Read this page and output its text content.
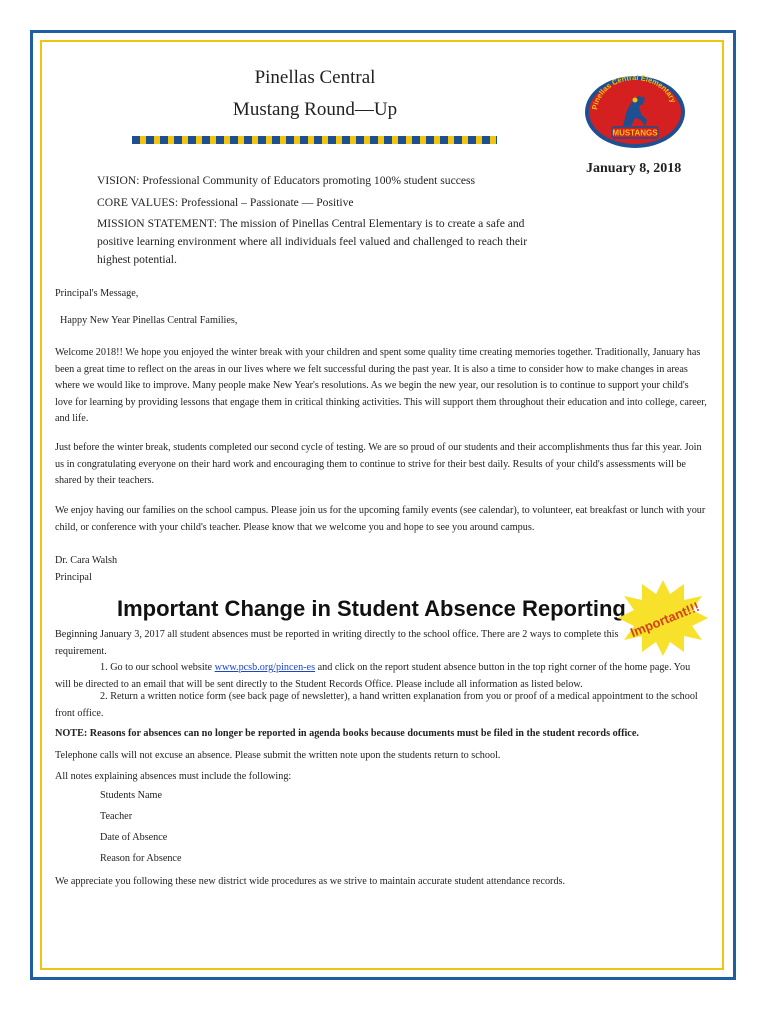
Pinellas Central
Mustang Round—Up	Pinellas Central Elementary
MUSTANGS
January 8, 2018
VISION: Professional Community of Educators promoting 100% student success
CORE VALUES: Professional – Passionate — Positive
MISSION STATEMENT: The mission of Pinellas Central Elementary is to create a safe and positive learning environment where all individuals feel valued and challenged to reach their highest potential.
Principal's Message,
Happy New Year Pinellas Central Families,
Welcome 2018!! We hope you enjoyed the winter break with your children and spent some quality time creating memories together. Traditionally, January has been a great time to reflect on the areas in our lives where we felt successful during the past year. It is also a time to consider how to make changes in areas where we would like to improve. Many people make New Year's resolutions. As we begin the new year, our resolution is to continue to support your child's love for learning by providing lessons that engage them in critical thinking activities. This will support them throughout their education and into college, career, and life.
Just before the winter break, students completed our second cycle of testing. We are so proud of our students and their accomplishments thus far this year. Join us in congratulating everyone on their hard work and encouraging them to continue to strive for their best daily. Results of your child's assessments will be shared by their teachers.
We enjoy having our families on the school campus. Please join us for the upcoming family events (see calendar), to volunteer, eat breakfast or lunch with your child, or conference with your child's teacher. Please know that we welcome you and hope to see you around campus.
Dr. Cara Walsh
Principal
Important Change in Student Absence Reporting Important!!!
Beginning January 3, 2017 all student absences must be reported in writing directly to the school office. There are 2 ways to complete this requirement.
1. Go to our school website www.pcsb.org/pincen-es and click on the report student absence button in the top right corner of the home page. You will be directed to an email that will be sent directly to the Student Records Office. Please include all information as listed below.
2. Return a written notice form (see back page of newsletter), a hand written explanation from you or proof of a medical appointment to the school front office.
NOTE: Reasons for absences can no longer be reported in agenda books because documents must be filed in the student records office.
Telephone calls will not excuse an absence. Please submit the written note upon the students return to school.
All notes explaining absences must include the following:
Students Name
Teacher
Date of Absence
Reason for Absence
We appreciate you following these new district wide procedures as we strive to maintain accurate student attendance records.
